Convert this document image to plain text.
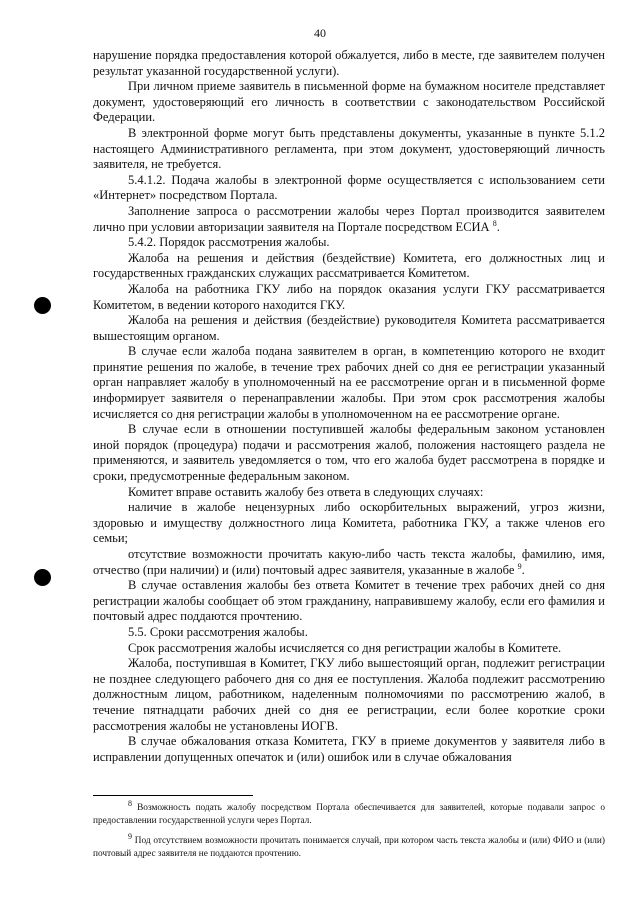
40

нарушение порядка предоставления которой обжалуется, либо в месте, где заявителем получен результат указанной государственной услуги).

При личном приеме заявитель в письменной форме на бумажном носителе представляет документ, удостоверяющий его личность в соответствии с законодательством Российской Федерации.

В электронной форме могут быть представлены документы, указанные в пункте 5.1.2 настоящего Административного регламента, при этом документ, удостоверяющий личность заявителя, не требуется.

5.4.1.2. Подача жалобы в электронной форме осуществляется с использованием сети «Интернет» посредством Портала.

Заполнение запроса о рассмотрении жалобы через Портал производится заявителем лично при условии авторизации заявителя на Портале посредством ЕСИА $^8$.

5.4.2. Порядок рассмотрения жалобы.

Жалоба на решения и действия (бездействие) Комитета, его должностных лиц и государственных гражданских служащих рассматривается Комитетом.

Жалоба на работника ГКУ либо на порядок оказания услуги ГКУ рассматривается Комитетом, в ведении которого находится ГКУ.

Жалоба на решения и действия (бездействие) руководителя Комитета рассматривается вышестоящим органом.

В случае если жалоба подана заявителем в орган, в компетенцию которого не входит принятие решения по жалобе, в течение трех рабочих дней со дня ее регистрации указанный орган направляет жалобу в уполномоченный на ее рассмотрение орган и в письменной форме информирует заявителя о перенаправлении жалобы. При этом срок рассмотрения жалобы исчисляется со дня регистрации жалобы в уполномоченном на ее рассмотрение органе.

В случае если в отношении поступившей жалобы федеральным законом установлен иной порядок (процедура) подачи и рассмотрения жалоб, положения настоящего раздела не применяются, и заявитель уведомляется о том, что его жалоба будет рассмотрена в порядке и сроки, предусмотренные федеральным законом.

Комитет вправе оставить жалобу без ответа в следующих случаях:

наличие в жалобе нецензурных либо оскорбительных выражений, угроз жизни, здоровью и имуществу должностного лица Комитета, работника ГКУ, а также членов его семьи;

отсутствие возможности прочитать какую-либо часть текста жалобы, фамилию, имя, отчество (при наличии) и (или) почтовый адрес заявителя, указанные в жалобе $^9$.

В случае оставления жалобы без ответа Комитет в течение трех рабочих дней со дня регистрации жалобы сообщает об этом гражданину, направившему жалобу, если его фамилия и почтовый адрес поддаются прочтению.

5.5. Сроки рассмотрения жалобы.

Срок рассмотрения жалобы исчисляется со дня регистрации жалобы в Комитете.

Жалоба, поступившая в Комитет, ГКУ либо вышестоящий орган, подлежит регистрации не позднее следующего рабочего дня со дня ее поступления. Жалоба подлежит рассмотрению должностным лицом, работником, наделенным полномочиями по рассмотрению жалоб, в течение пятнадцати рабочих дней со дня ее регистрации, если более короткие сроки рассмотрения жалобы не установлены ИОГВ.

В случае обжалования отказа Комитета, ГКУ в приеме документов у заявителя либо в исправлении допущенных опечаток и (или) ошибок или в случае обжалования

$^8$ Возможность подать жалобу посредством Портала обеспечивается для заявителей, которые подавали запрос о предоставлении государственной услуги через Портал.

$^9$ Под отсутствием возможности прочитать понимается случай, при котором часть текста жалобы и (или) ФИО и (или) почтовый адрес заявителя не поддаются прочтению.
